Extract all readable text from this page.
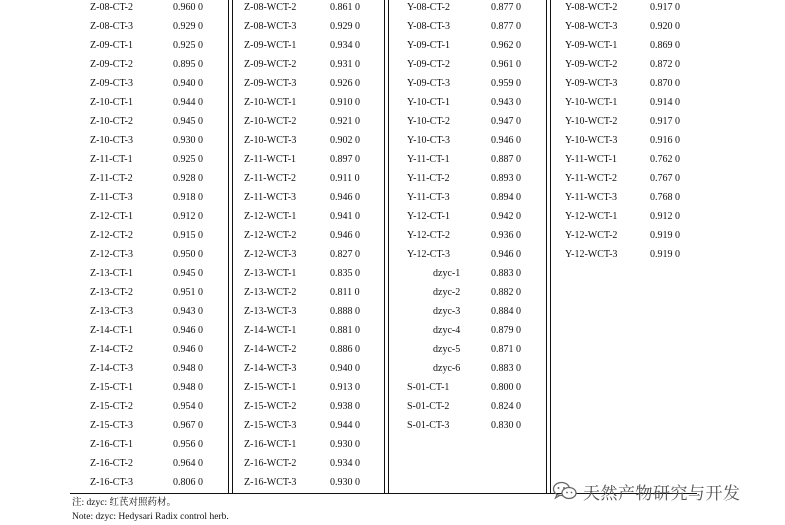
Z-08-CT-2	0.960 0
Z-08-CT-3	0.929 0
Z-09-CT-1	0.925 0
Z-09-CT-2	0.895 0
Z-09-CT-3	0.940 0
Z-10-CT-1	0.944 0
Z-10-CT-2	0.945 0
Z-10-CT-3	0.930 0
Z-11-CT-1	0.925 0
Z-11-CT-2	0.928 0
Z-11-CT-3	0.918 0
Z-12-CT-1	0.912 0
Z-12-CT-2	0.915 0
Z-12-CT-3	0.950 0
Z-13-CT-1	0.945 0
Z-13-CT-2	0.951 0
Z-13-CT-3	0.943 0
Z-14-CT-1	0.946 0
Z-14-CT-2	0.946 0
Z-14-CT-3	0.948 0
Z-15-CT-1	0.948 0
Z-15-CT-2	0.954 0
Z-15-CT-3	0.967 0
Z-16-CT-1	0.956 0
Z-16-CT-2	0.964 0
Z-16-CT-3	0.806 0
Z-08-WCT-2	0.861 0
Z-08-WCT-3	0.929 0
Z-09-WCT-1	0.934 0
Z-09-WCT-2	0.931 0
Z-09-WCT-3	0.926 0
Z-10-WCT-1	0.910 0
Z-10-WCT-2	0.921 0
Z-10-WCT-3	0.902 0
Z-11-WCT-1	0.897 0
Z-11-WCT-2	0.911 0
Z-11-WCT-3	0.946 0
Z-12-WCT-1	0.941 0
Z-12-WCT-2	0.946 0
Z-12-WCT-3	0.827 0
Z-13-WCT-1	0.835 0
Z-13-WCT-2	0.811 0
Z-13-WCT-3	0.888 0
Z-14-WCT-1	0.881 0
Z-14-WCT-2	0.886 0
Z-14-WCT-3	0.940 0
Z-15-WCT-1	0.913 0
Z-15-WCT-2	0.938 0
Z-15-WCT-3	0.944 0
Z-16-WCT-1	0.930 0
Z-16-WCT-2	0.934 0
Z-16-WCT-3	0.930 0
Y-08-CT-2	0.877 0
Y-08-CT-3	0.877 0
Y-09-CT-1	0.962 0
Y-09-CT-2	0.961 0
Y-09-CT-3	0.959 0
Y-10-CT-1	0.943 0
Y-10-CT-2	0.947 0
Y-10-CT-3	0.946 0
Y-11-CT-1	0.887 0
Y-11-CT-2	0.893 0
Y-11-CT-3	0.894 0
Y-12-CT-1	0.942 0
Y-12-CT-2	0.936 0
Y-12-CT-3	0.946 0
dzyc-1	0.883 0
dzyc-2	0.882 0
dzyc-3	0.884 0
dzyc-4	0.879 0
dzyc-5	0.871 0
dzyc-6	0.883 0
S-01-CT-1	0.800 0
S-01-CT-2	0.824 0
S-01-CT-3	0.830 0
Y-08-WCT-2	0.917 0
Y-08-WCT-3	0.920 0
Y-09-WCT-1	0.869 0
Y-09-WCT-2	0.872 0
Y-09-WCT-3	0.870 0
Y-10-WCT-1	0.914 0
Y-10-WCT-2	0.917 0
Y-10-WCT-3	0.916 0
Y-11-WCT-1	0.762 0
Y-11-WCT-2	0.767 0
Y-11-WCT-3	0.768 0
Y-12-WCT-1	0.912 0
Y-12-WCT-2	0.919 0
Y-12-WCT-3	0.919 0
注: dzyc: 红芪对照药材。
Note: dzyc: Hedysari Radix control herb.
天然产物研究与开发
